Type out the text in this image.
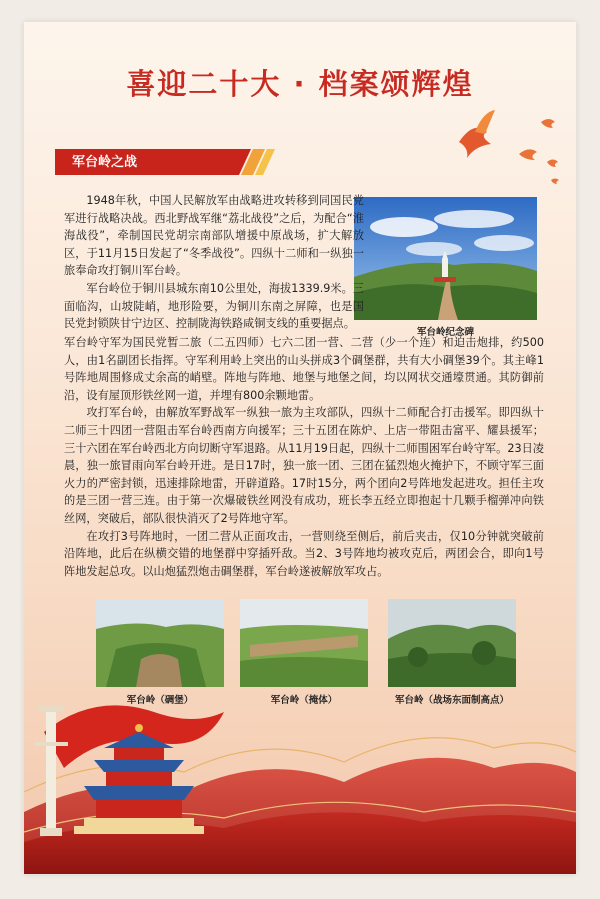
喜迎二十大 · 档案颂辉煌
军台岭之战
军台岭纪念碑

1948年秋，中国人民解放军由战略进攻转移到同国民党军进行战略决战。西北野战军继“荔北战役”之后，为配合“淮海战役”，牵制国民党胡宗南部队增援中原战场，扩大解放区，于11月15日发起了“冬季战役”。四纵十二师和一纵独一旅奉命攻打铜川军台岭。

军台岭位于铜川县城东南10公里处，海拔1339.9米。三面临沟，山坡陡峭，地形险要，为铜川东南之屏障，也是国民党封锁陕甘宁边区、控制陇海铁路咸铜支线的重要据点。

军台岭守军为国民党暂二旅（二五四师）七六二团一营、二营（少一个连）和迫击炮排，约500人，由1名副团长指挥。守军利用岭上突出的山头拼成3个碉堡群，共有大小碉堡39个。其主峰1号阵地周围修成丈余高的峭壁。阵地与阵地、地堡与地堡之间，均以网状交通壕贯通。其防御前沿，设有屋顶形铁丝网一道，并埋有800余颗地雷。

攻打军台岭，由解放军野战军一纵独一旅为主攻部队，四纵十二师配合打击援军。即四纵十二师三十四团一营阻击军台岭西南方向援军；三十五团在陈炉、上店一带阻击富平、耀县援军；三十六团在军台岭西北方向切断守军退路。从11月19日起，四纵十二师围困军台岭守军。23日凌晨，独一旅冒雨向军台岭开进。是日17时，独一旅一团、三团在猛烈炮火掩护下，不顾守军三面火力的严密封锁，迅速排除地雷，开辟道路。17时15分，两个团向2号阵地发起进攻。担任主攻的是三团一营三连。由于第一次爆破铁丝网没有成功，班长李五经立即抱起十几颗手榴弹冲向铁丝网，突破后，部队很快消灭了2号阵地守军。

在攻打3号阵地时，一团二营从正面攻击，一营则绕至侧后，前后夹击，仅10分钟就突破前沿阵地，此后在纵横交错的地堡群中穿插歼敌。当2、3号阵地均被攻克后，两团会合，即向1号阵地发起总攻。以山炮猛烈炮击碉堡群，军台岭遂被解放军攻占。

军台岭（碉堡）	军台岭（掩体）	军台岭（战场东面制高点）
